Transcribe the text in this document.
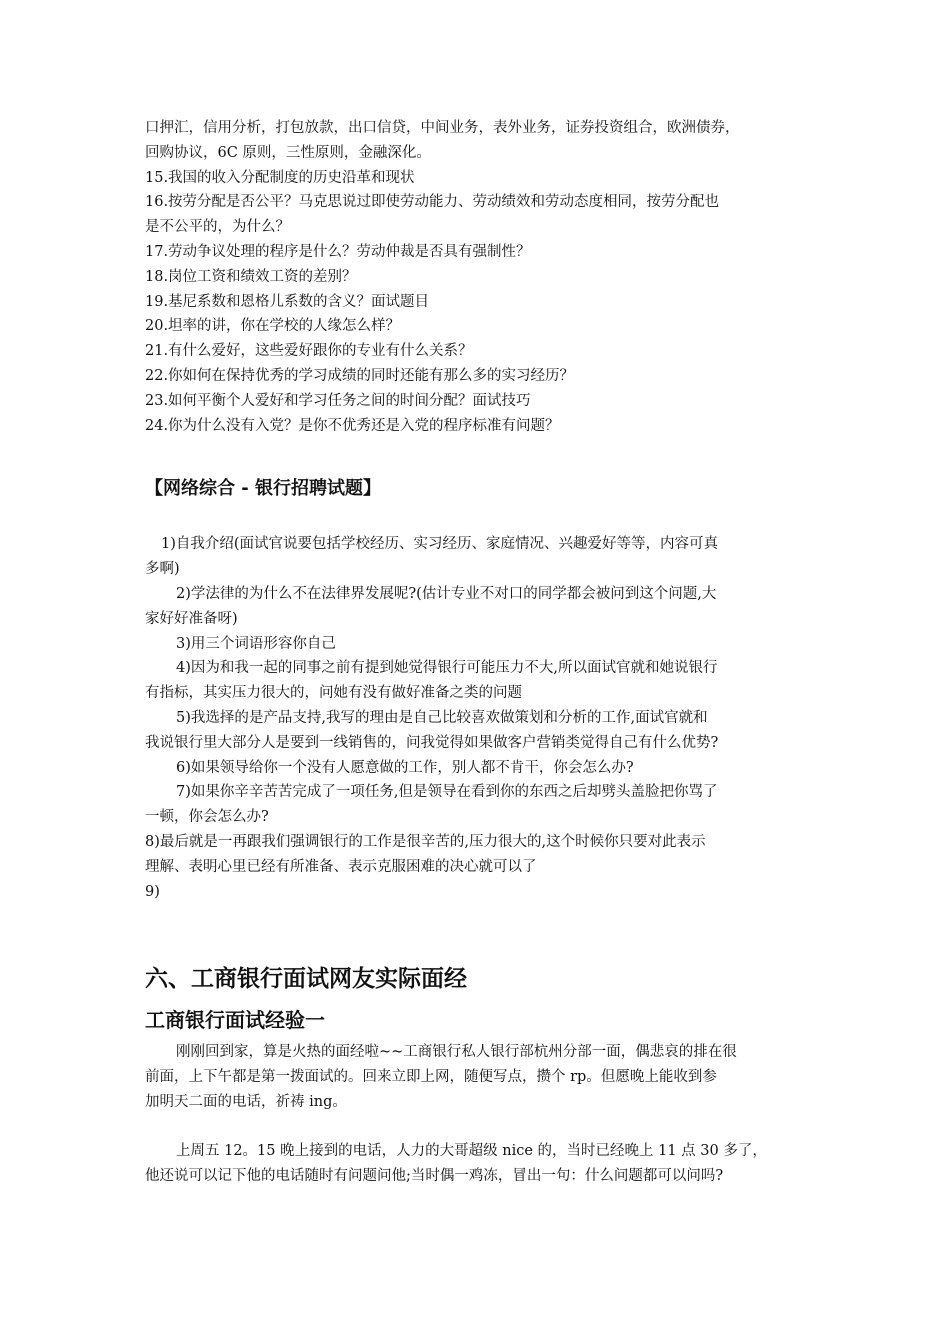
口押汇，信用分析，打包放款，出口信贷，中间业务，表外业务，证券投资组合，欧洲债券，

回购协议，6C 原则，三性原则，金融深化。

15.我国的收入分配制度的历史沿革和现状

16.按劳分配是否公平？马克思说过即使劳动能力、劳动绩效和劳动态度相同，按劳分配也

是不公平的，为什么？

17.劳动争议处理的程序是什么？劳动仲裁是否具有强制性？

18.岗位工资和绩效工资的差别？

19.基尼系数和恩格儿系数的含义？面试题目

20.坦率的讲，你在学校的人缘怎么样？

21.有什么爱好，这些爱好跟你的专业有什么关系？

22.你如何在保持优秀的学习成绩的同时还能有那么多的实习经历？

23.如何平衡个人爱好和学习任务之间的时间分配？面试技巧

24.你为什么没有入党？是你不优秀还是入党的程序标准有问题？

【网络综合 - 银行招聘试题】

1)自我介绍(面试官说要包括学校经历、实习经历、家庭情况、兴趣爱好等等，内容可真

多啊)

2)学法律的为什么不在法律界发展呢?(估计专业不对口的同学都会被问到这个问题,大

家好好准备呀)

3)用三个词语形容你自己

4)因为和我一起的同事之前有提到她觉得银行可能压力不大,所以面试官就和她说银行

有指标，其实压力很大的，问她有没有做好准备之类的问题

5)我选择的是产品支持,我写的理由是自己比较喜欢做策划和分析的工作,面试官就和

我说银行里大部分人是要到一线销售的，问我觉得如果做客户营销类觉得自己有什么优势?

6)如果领导给你一个没有人愿意做的工作，别人都不肯干，你会怎么办?

7)如果你辛辛苦苦完成了一项任务,但是领导在看到你的东西之后却劈头盖脸把你骂了

一顿，你会怎么办?

8)最后就是一再跟我们强调银行的工作是很辛苦的,压力很大的,这个时候你只要对此表示

理解、表明心里已经有所准备、表示克服困难的决心就可以了

9)

六、工商银行面试网友实际面经
工商银行面试经验一

刚刚回到家，算是火热的面经啦~~工商银行私人银行部杭州分部一面，偶悲哀的排在很

前面，上下午都是第一拨面试的。回来立即上网，随便写点，攒个 rp。但愿晚上能收到参

加明天二面的电话，祈祷 ing。

上周五 12。15 晚上接到的电话，人力的大哥超级 nice 的，当时已经晚上 11 点 30 多了，

他还说可以记下他的电话随时有问题问他;当时偶一鸡冻，冒出一句：什么问题都可以问吗?
